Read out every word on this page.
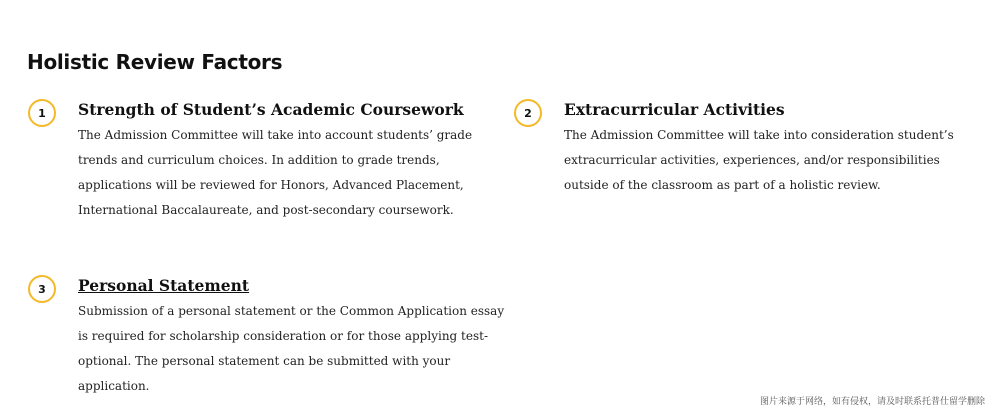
Holistic Review Factors
1	Strength of Student’s Academic Coursework

The Admission Committee will take into account students’ grade trends and curriculum choices. In addition to grade trends, applications will be reviewed for Honors, Advanced Placement, International Baccalaureate, and post-secondary coursework.

2	Extracurricular Activities

The Admission Committee will take into consideration student’s extracurricular activities, experiences, and/or responsibilities outside of the classroom as part of a holistic review.

3	Personal Statement

Submission of a personal statement or the Common Application essay is required for scholarship consideration or for those applying test-optional. The personal statement can be submitted with your application.

图片来源于网络，如有侵权，请及时联系托普仕留学删除
